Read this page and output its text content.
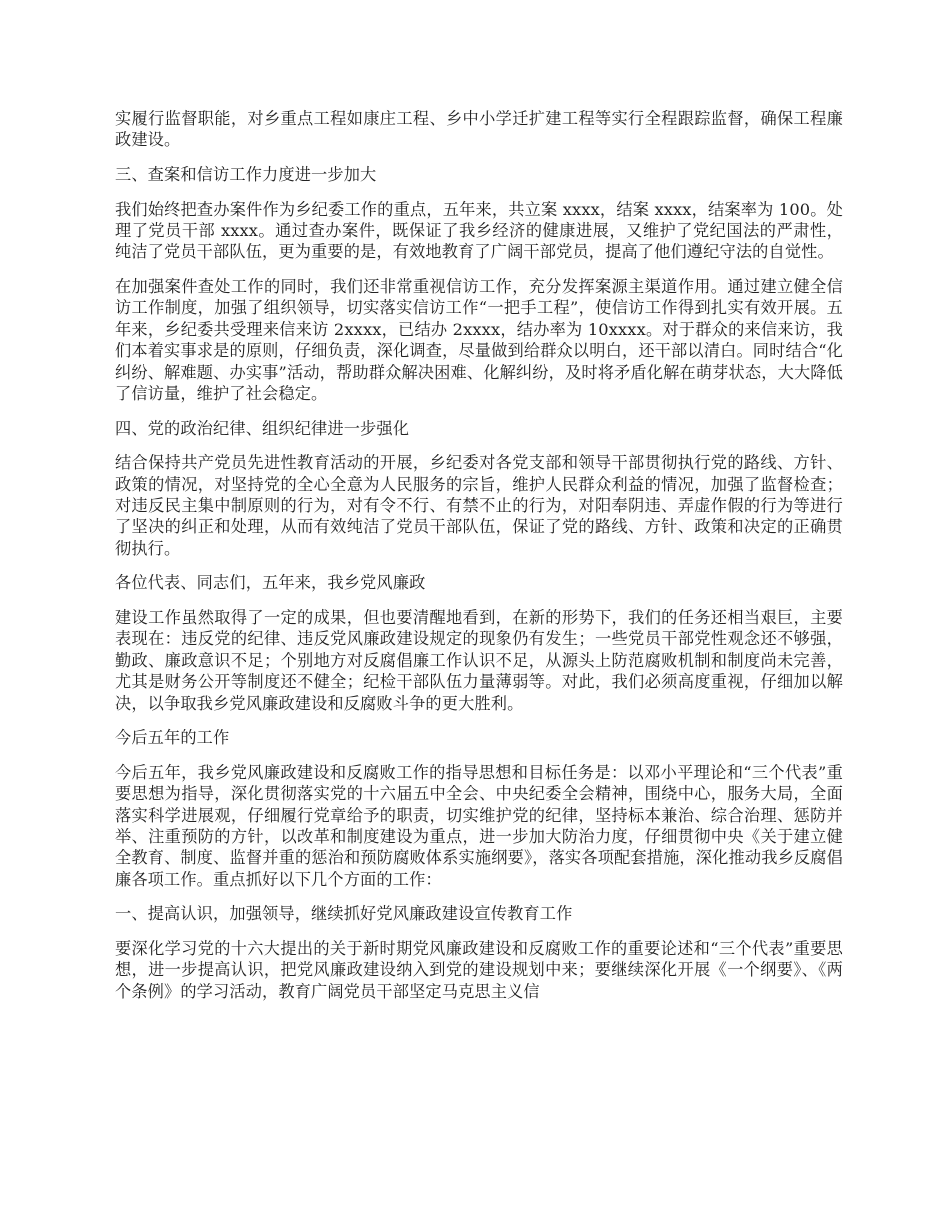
实履行监督职能，对乡重点工程如康庄工程、乡中小学迁扩建工程等实行全程跟踪监督，确保工程廉政建设。

三、查案和信访工作力度进一步加大

我们始终把查办案件作为乡纪委工作的重点，五年来，共立案 xxxx，结案 xxxx，结案率为 100。处理了党员干部 xxxx。通过查办案件，既保证了我乡经济的健康进展，又维护了党纪国法的严肃性，纯洁了党员干部队伍，更为重要的是，有效地教育了广阔干部党员，提高了他们遵纪守法的自觉性。

在加强案件查处工作的同时，我们还非常重视信访工作，充分发挥案源主渠道作用。通过建立健全信访工作制度，加强了组织领导，切实落实信访工作“一把手工程”，使信访工作得到扎实有效开展。五年来，乡纪委共受理来信来访 2xxxx，已结办 2xxxx，结办率为 10xxxx。对于群众的来信来访，我们本着实事求是的原则，仔细负责，深化调查，尽量做到给群众以明白，还干部以清白。同时结合“化纠纷、解难题、办实事”活动，帮助群众解决困难、化解纠纷，及时将矛盾化解在萌芽状态，大大降低了信访量，维护了社会稳定。

四、党的政治纪律、组织纪律进一步强化

结合保持共产党员先进性教育活动的开展，乡纪委对各党支部和领导干部贯彻执行党的路线、方针、政策的情况，对坚持党的全心全意为人民服务的宗旨，维护人民群众利益的情况，加强了监督检查；对违反民主集中制原则的行为，对有令不行、有禁不止的行为，对阳奉阴违、弄虚作假的行为等进行了坚决的纠正和处理，从而有效纯洁了党员干部队伍，保证了党的路线、方针、政策和决定的正确贯彻执行。

各位代表、同志们，五年来，我乡党风廉政

建设工作虽然取得了一定的成果，但也要清醒地看到，在新的形势下，我们的任务还相当艰巨，主要表现在：违反党的纪律、违反党风廉政建设规定的现象仍有发生；一些党员干部党性观念还不够强，勤政、廉政意识不足；个别地方对反腐倡廉工作认识不足，从源头上防范腐败机制和制度尚未完善，尤其是财务公开等制度还不健全；纪检干部队伍力量薄弱等。对此，我们必须高度重视，仔细加以解决，以争取我乡党风廉政建设和反腐败斗争的更大胜利。

今后五年的工作

今后五年，我乡党风廉政建设和反腐败工作的指导思想和目标任务是：以邓小平理论和“三个代表”重要思想为指导，深化贯彻落实党的十六届五中全会、中央纪委全会精神，围绕中心，服务大局，全面落实科学进展观，仔细履行党章给予的职责，切实维护党的纪律，坚持标本兼治、综合治理、惩防并举、注重预防的方针，以改革和制度建设为重点，进一步加大防治力度，仔细贯彻中央《关于建立健全教育、制度、监督并重的惩治和预防腐败体系实施纲要》，落实各项配套措施，深化推动我乡反腐倡廉各项工作。重点抓好以下几个方面的工作：

一、提高认识，加强领导，继续抓好党风廉政建设宣传教育工作

要深化学习党的十六大提出的关于新时期党风廉政建设和反腐败工作的重要论述和“三个代表”重要思想，进一步提高认识，把党风廉政建设纳入到党的建设规划中来；要继续深化开展《一个纲要》、《两个条例》的学习活动，教育广阔党员干部坚定马克思主义信
